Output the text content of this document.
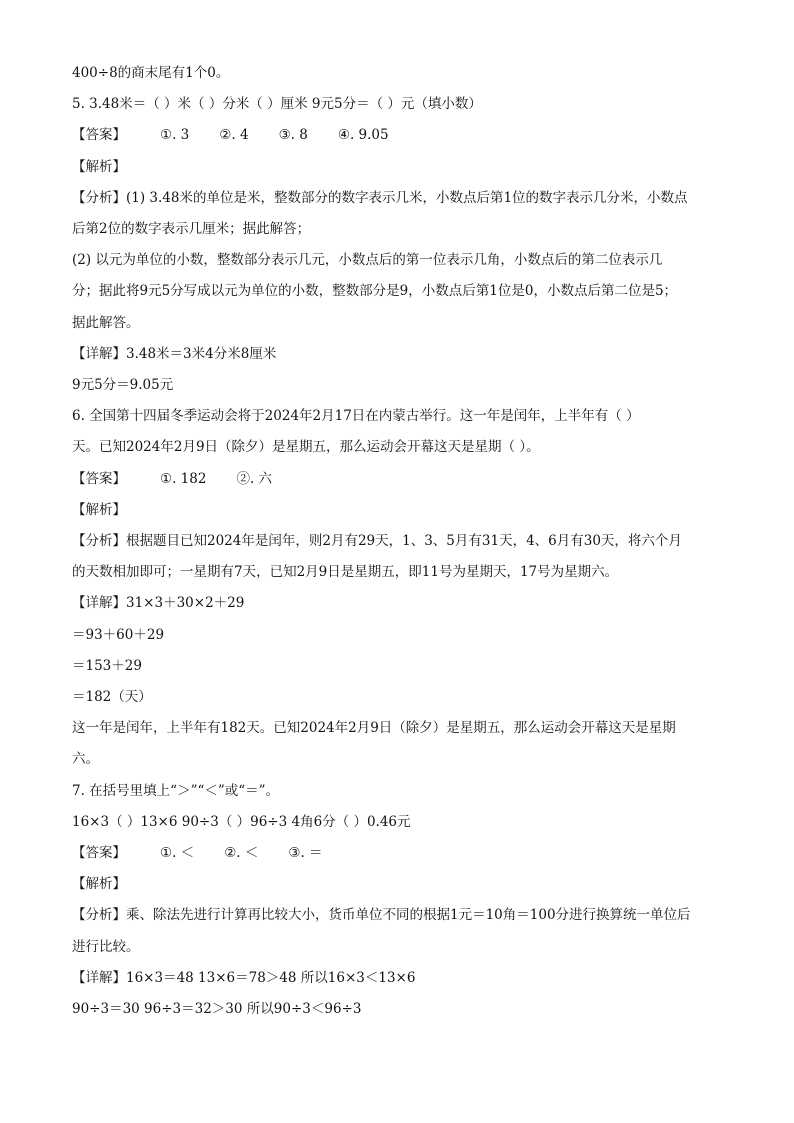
400÷8的商末尾有1个0。
5. 3.48米＝（ ）米（ ）分米（ ）厘米 9元5分＝（ ）元（填小数）
【答案】	①. 3 ②. 4 ③. 8 ④. 9.05
【解析】
【分析】(1) 3.48米的单位是米，整数部分的数字表示几米，小数点后第1位的数字表示几分米，小数点
后第2位的数字表示几厘米；据此解答；
(2) 以元为单位的小数，整数部分表示几元，小数点后的第一位表示几角，小数点后的第二位表示几
分；据此将9元5分写成以元为单位的小数，整数部分是9，小数点后第1位是0，小数点后第二位是5；
据此解答。
【详解】3.48米＝3米4分米8厘米
9元5分＝9.05元
6. 全国第十四届冬季运动会将于2024年2月17日在内蒙古举行。这一年是闰年，上半年有（ ）
天。已知2024年2月9日（除夕）是星期五，那么运动会开幕这天是星期（ ）。
【答案】	①. 182 ②. 六
【解析】
【分析】根据题目已知2024年是闰年，则2月有29天，1、3、5月有31天，4、6月有30天，将六个月
的天数相加即可；一星期有7天，已知2月9日是星期五，即11号为星期天，17号为星期六。
【详解】31×3＋30×2＋29
＝93＋60＋29
＝153＋29
＝182（天）
这一年是闰年，上半年有182天。已知2024年2月9日（除夕）是星期五，那么运动会开幕这天是星期
六。
7. 在括号里填上“＞”“＜”或“＝”。
16×3（ ）13×6 90÷3（ ）96÷3 4角6分（ ）0.46元
【答案】	①. ＜ ②. ＜ ③. ＝
【解析】
【分析】乘、除法先进行计算再比较大小，货币单位不同的根据1元＝10角＝100分进行换算统一单位后
进行比较。
【详解】16×3＝48 13×6＝78＞48 所以16×3＜13×6
90÷3＝30 96÷3＝32＞30 所以90÷3＜96÷3
